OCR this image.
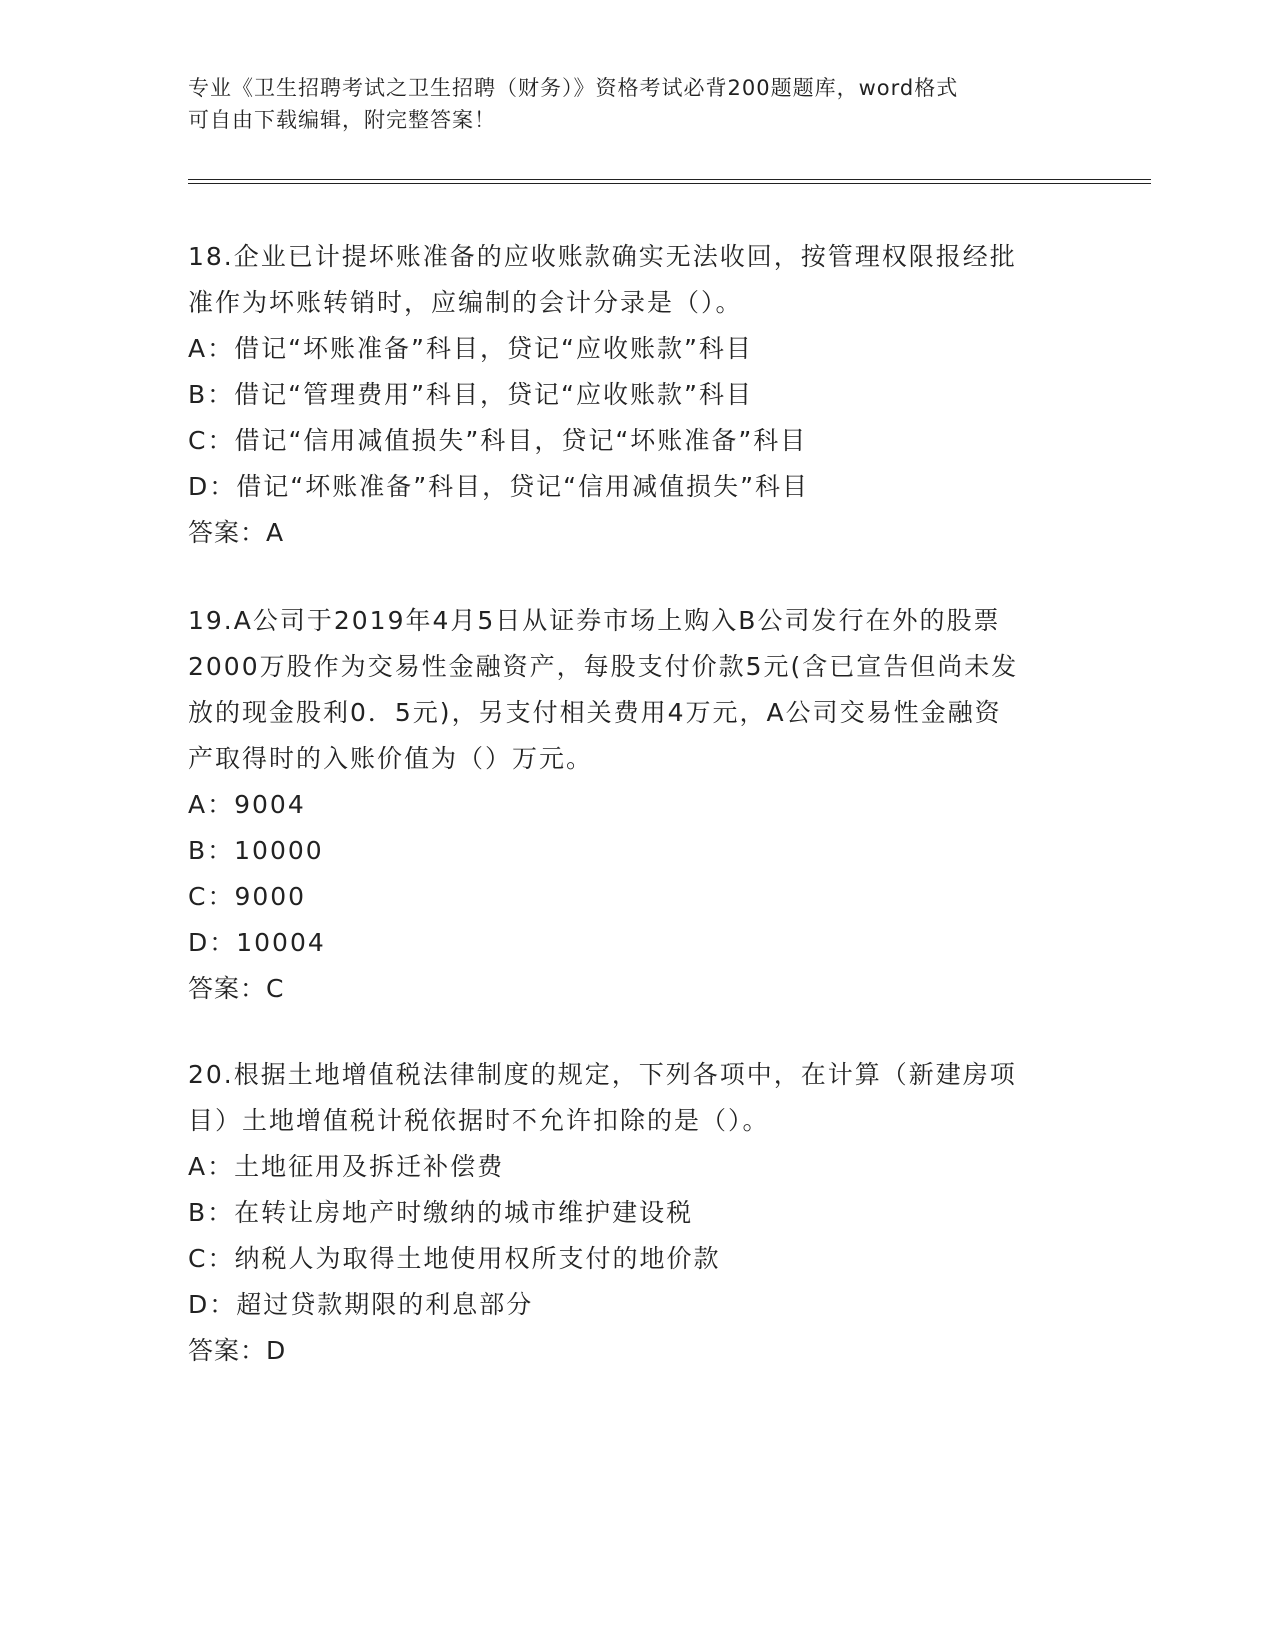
专业《卫生招聘考试之卫生招聘（财务）》资格考试必背200题题库，word格式
可自由下载编辑，附完整答案！
18.企业已计提坏账准备的应收账款确实无法收回，按管理权限报经批
准作为坏账转销时，应编制的会计分录是（）。
A：借记“坏账准备”科目，贷记“应收账款”科目
B：借记“管理费用”科目，贷记“应收账款”科目
C：借记“信用减值损失”科目，贷记“坏账准备”科目
D：借记“坏账准备”科目，贷记“信用减值损失”科目
答案：A
19.A公司于2019年4月5日从证券市场上购入B公司发行在外的股票
2000万股作为交易性金融资产，每股支付价款5元(含已宣告但尚未发
放的现金股利0．5元)，另支付相关费用4万元，A公司交易性金融资
产取得时的入账价值为（）万元。
A：9004
B：10000
C：9000
D：10004
答案：C
20.根据土地增值税法律制度的规定，下列各项中，在计算（新建房项
目）土地增值税计税依据时不允许扣除的是（）。
A：土地征用及拆迁补偿费
B：在转让房地产时缴纳的城市维护建设税
C：纳税人为取得土地使用权所支付的地价款
D：超过贷款期限的利息部分
答案：D
